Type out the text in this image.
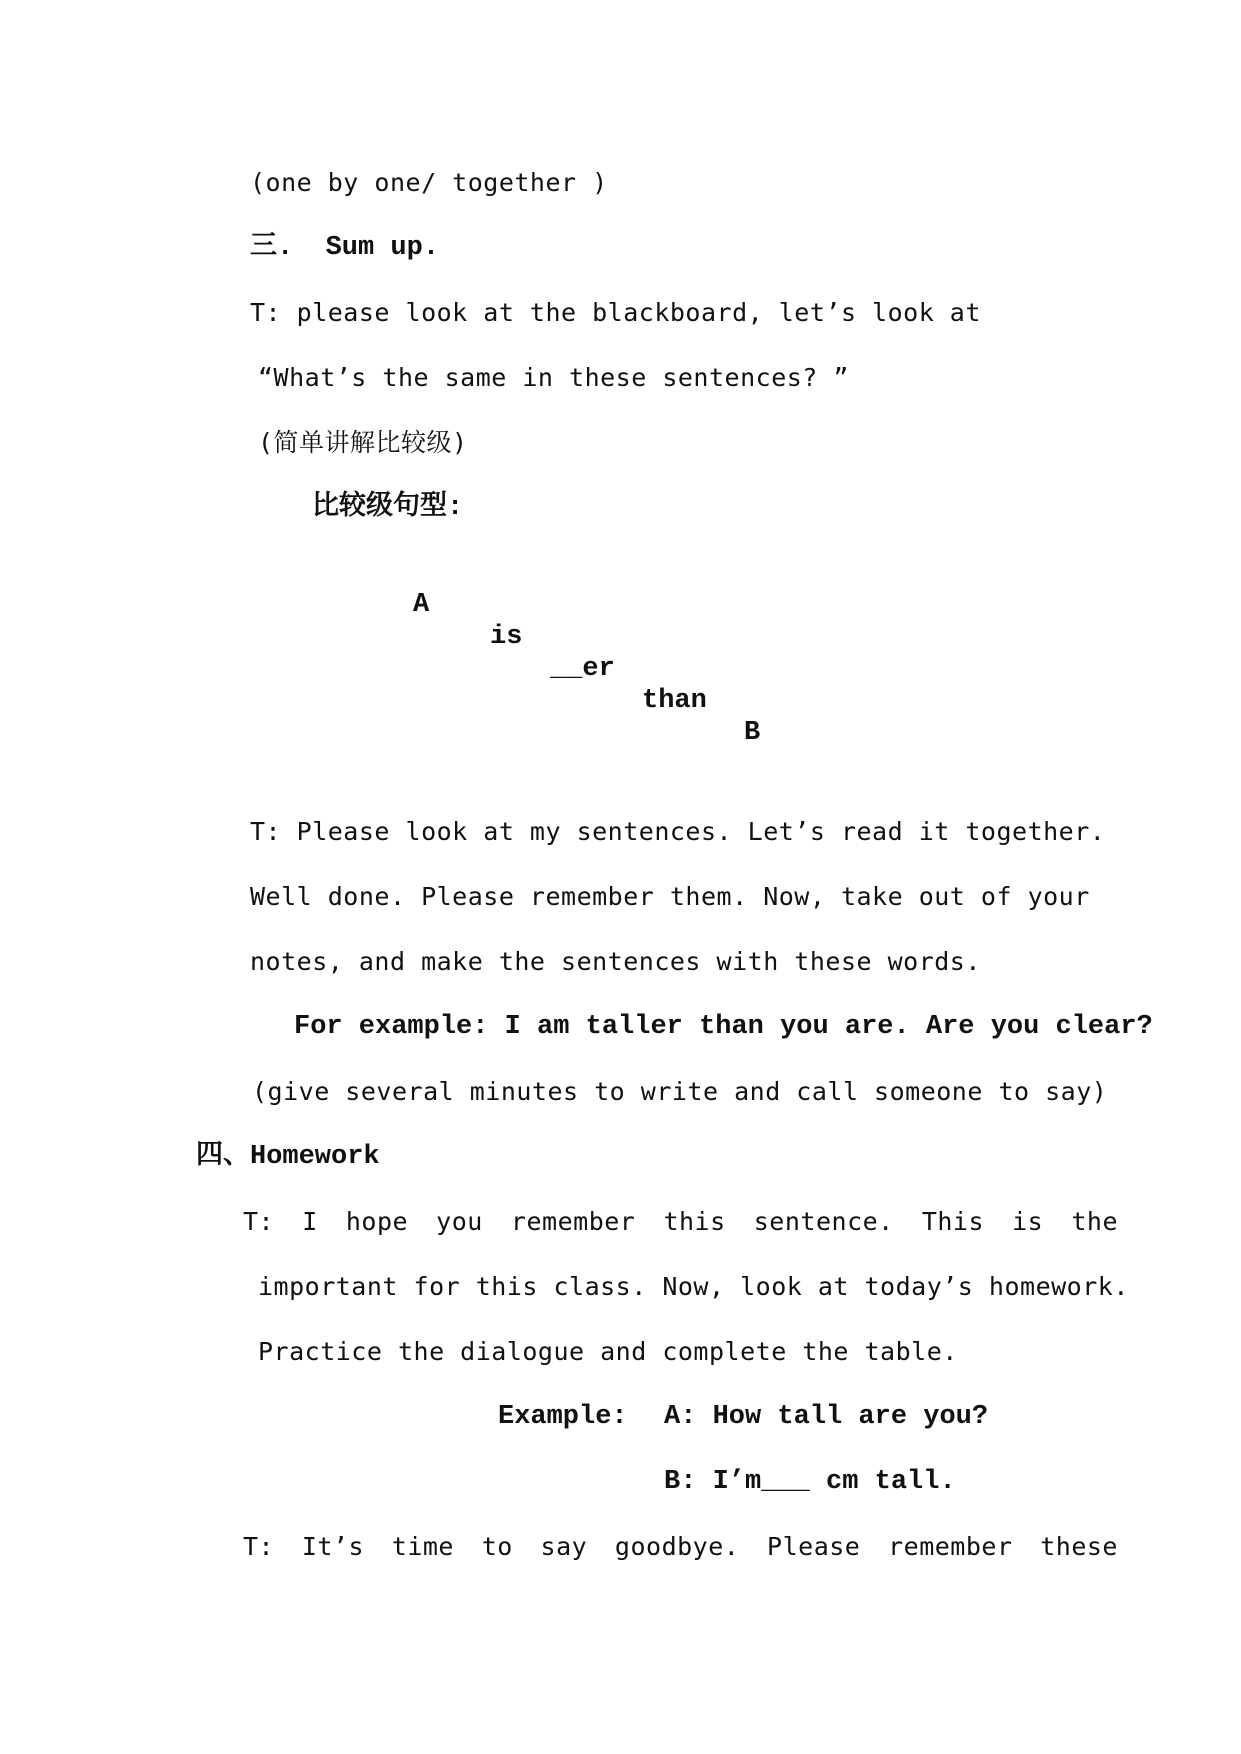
(one by one/ together )
三.  Sum up.
T: please look at the blackboard, let’s look at
“What’s the same in these sentences? ”
(简单讲解比较级)
比较级句型:

A

is

__er

than

B

T: Please look at my sentences. Let’s read it together.
Well done. Please remember them. Now, take out of your
notes, and make the sentences with these words.
For example: I am taller than you are. Are you clear?
(give several minutes to write and call someone to say)
四、Homework
T: I hope you remember this sentence. This is the
important for this class. Now, look at today’s homework.
Practice the dialogue and complete the table.
Example: A: How tall are you?
B: I’m___ cm tall.
T: It’s time to say goodbye. Please remember these
